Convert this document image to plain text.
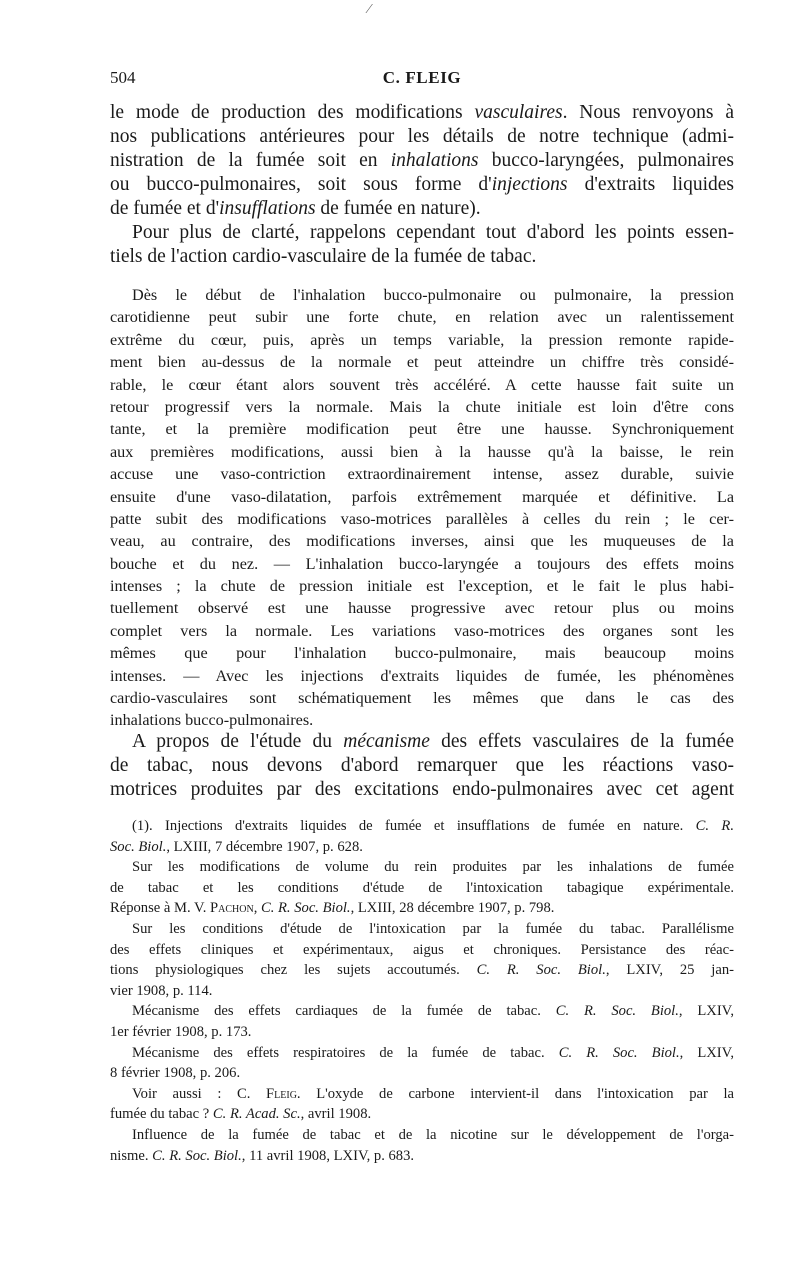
⁄
504	C. FLEIG
le mode de production des modifications vasculaires. Nous renvoyons à
nos publications antérieures pour les détails de notre technique (admi-
nistration de la fumée soit en inhalations bucco-laryngées, pulmonaires
ou bucco-pulmonaires, soit sous forme d'injections d'extraits liquides
de fumée et d'insufflations de fumée en nature).
Pour plus de clarté, rappelons cependant tout d'abord les points essen-
tiels de l'action cardio-vasculaire de la fumée de tabac.
Dès le début de l'inhalation bucco-pulmonaire ou pulmonaire, la pression
carotidienne peut subir une forte chute, en relation avec un ralentissement
extrême du cœur, puis, après un temps variable, la pression remonte rapide-
ment bien au-dessus de la normale et peut atteindre un chiffre très considé-
rable, le cœur étant alors souvent très accéléré. A cette hausse fait suite un
retour progressif vers la normale. Mais la chute initiale est loin d'être cons
tante, et la première modification peut être une hausse. Synchroniquement
aux premières modifications, aussi bien à la hausse qu'à la baisse, le rein
accuse une vaso-contriction extraordinairement intense, assez durable, suivie
ensuite d'une vaso-dilatation, parfois extrêmement marquée et définitive. La
patte subit des modifications vaso-motrices parallèles à celles du rein ; le cer-
veau, au contraire, des modifications inverses, ainsi que les muqueuses de la
bouche et du nez. — L'inhalation bucco-laryngée a toujours des effets moins
intenses ; la chute de pression initiale est l'exception, et le fait le plus habi-
tuellement observé est une hausse progressive avec retour plus ou moins
complet vers la normale. Les variations vaso-motrices des organes sont les
mêmes que pour l'inhalation bucco-pulmonaire, mais beaucoup moins
intenses. — Avec les injections d'extraits liquides de fumée, les phénomènes
cardio-vasculaires sont schématiquement les mêmes que dans le cas des
inhalations bucco-pulmonaires.
A propos de l'étude du mécanisme des effets vasculaires de la fumée
de tabac, nous devons d'abord remarquer que les réactions vaso-
motrices produites par des excitations endo-pulmonaires avec cet agent
(1). Injections d'extraits liquides de fumée et insufflations de fumée en nature. C. R.
Soc. Biol., LXIII, 7 décembre 1907, p. 628.
Sur les modifications de volume du rein produites par les inhalations de fumée
de tabac et les conditions d'étude de l'intoxication tabagique expérimentale.
Réponse à M. V. Pachon, C. R. Soc. Biol., LXIII, 28 décembre 1907, p. 798.
Sur les conditions d'étude de l'intoxication par la fumée du tabac. Parallélisme
des effets cliniques et expérimentaux, aigus et chroniques. Persistance des réac-
tions physiologiques chez les sujets accoutumés. C. R. Soc. Biol., LXIV, 25 jan-
vier 1908, p. 114.
Mécanisme des effets cardiaques de la fumée de tabac. C. R. Soc. Biol., LXIV,
1er février 1908, p. 173.
Mécanisme des effets respiratoires de la fumée de tabac. C. R. Soc. Biol., LXIV,
8 février 1908, p. 206.
Voir aussi : C. Fleig. L'oxyde de carbone intervient-il dans l'intoxication par la
fumée du tabac ? C. R. Acad. Sc., avril 1908.
Influence de la fumée de tabac et de la nicotine sur le développement de l'orga-
nisme. C. R. Soc. Biol., 11 avril 1908, LXIV, p. 683.
